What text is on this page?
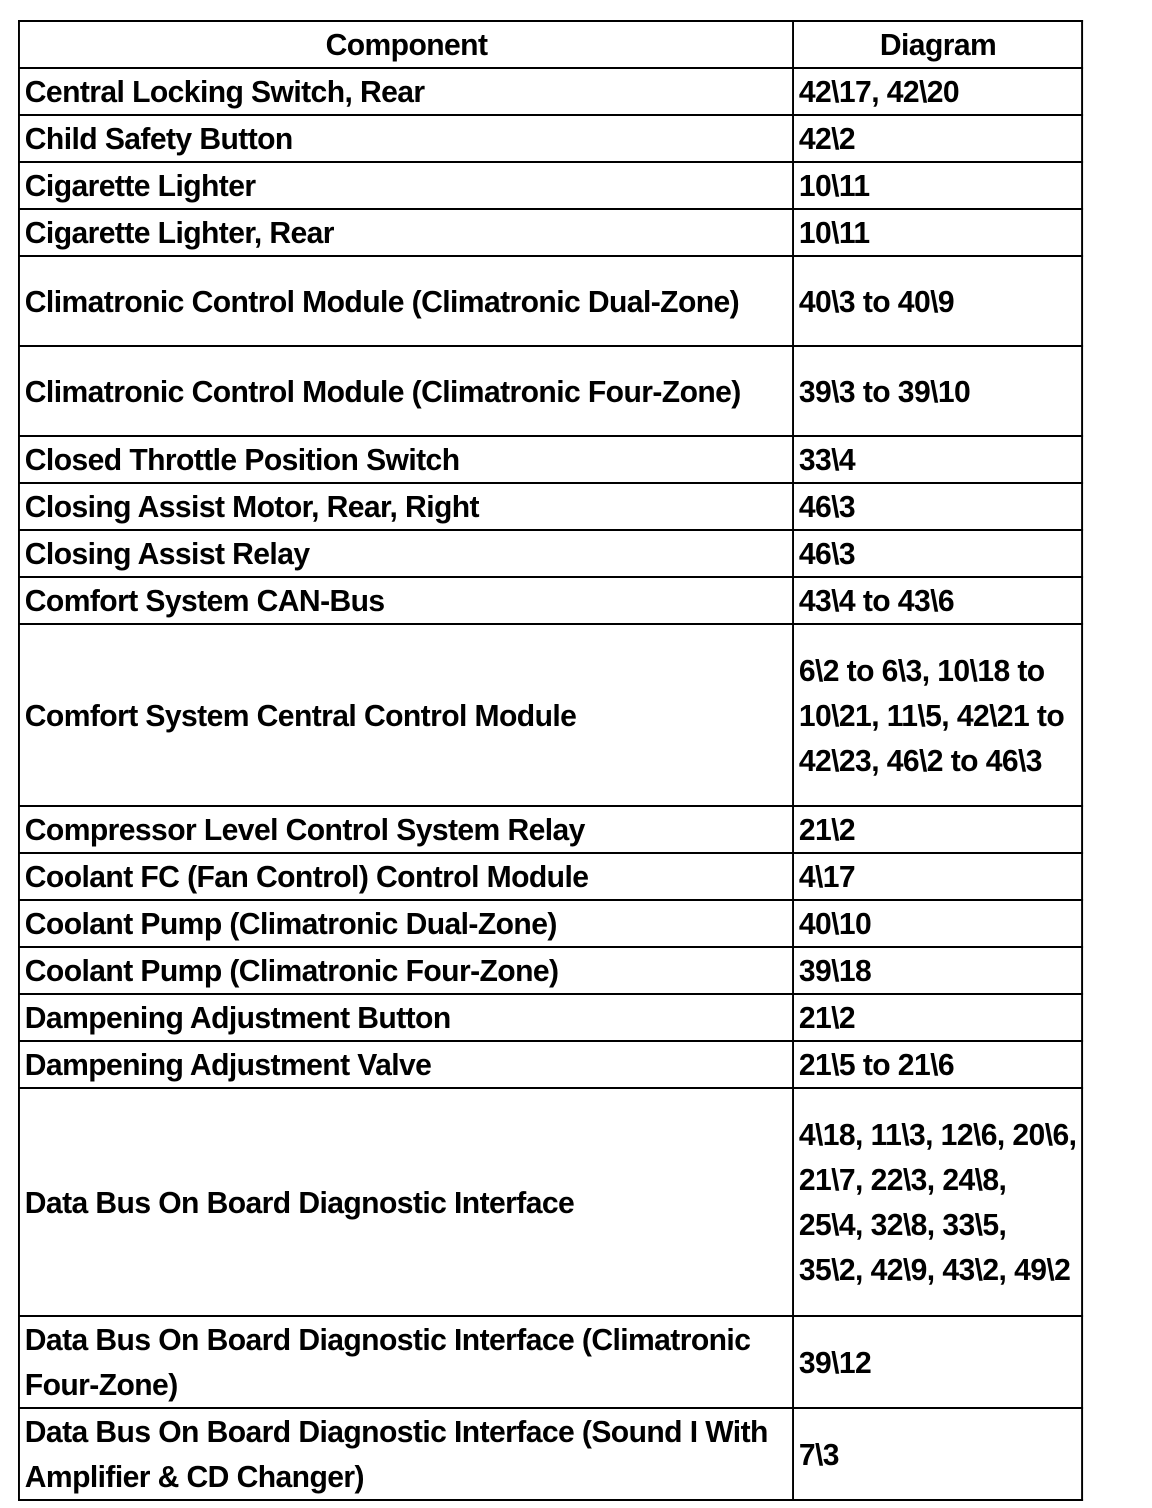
Component	Diagram
Central Locking Switch, Rear	42\17, 42\20
Child Safety Button	42\2
Cigarette Lighter	10\11
Cigarette Lighter, Rear	10\11
Climatronic Control Module (Climatronic Dual-Zone)	40\3 to 40\9
Climatronic Control Module (Climatronic Four-Zone)	39\3 to 39\10
Closed Throttle Position Switch	33\4
Closing Assist Motor, Rear, Right	46\3
Closing Assist Relay	46\3
Comfort System CAN-Bus	43\4 to 43\6
Comfort System Central Control Module	6\2 to 6\3, 10\18 to 10\21, 11\5, 42\21 to 42\23, 46\2 to 46\3
Compressor Level Control System Relay	21\2
Coolant FC (Fan Control) Control Module	4\17
Coolant Pump (Climatronic Dual-Zone)	40\10
Coolant Pump (Climatronic Four-Zone)	39\18
Dampening Adjustment Button	21\2
Dampening Adjustment Valve	21\5 to 21\6
Data Bus On Board Diagnostic Interface	4\18, 11\3, 12\6, 20\6, 21\7, 22\3, 24\8, 25\4, 32\8, 33\5, 35\2, 42\9, 43\2, 49\2
Data Bus On Board Diagnostic Interface (Climatronic Four-Zone)	39\12
Data Bus On Board Diagnostic Interface (Sound I With Amplifier & CD Changer)	7\3
